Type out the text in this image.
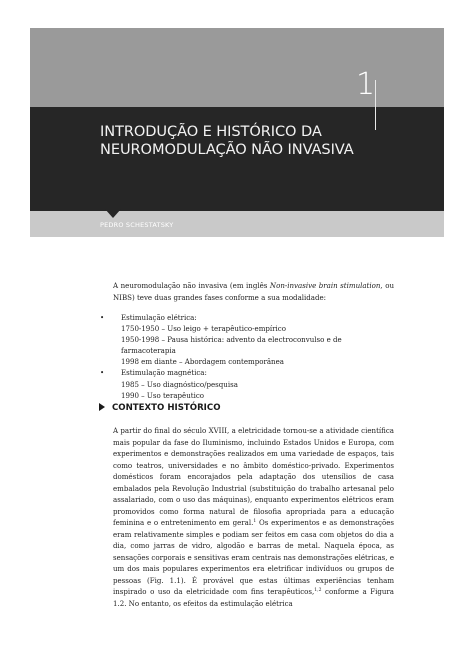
1
INTRODUÇÃO E HISTÓRICO DA NEUROMODULAÇÃO NÃO INVASIVA
PEDRO SCHESTATSKY

A neuromodulação não invasiva (em inglês Non-invasive brain stimulation, ou NIBS) teve duas grandes fases conforme a sua modalidade:

• Estimulação elétrica:
1750-1950 – Uso leigo + terapêutico-empírico
1950-1998 – Pausa histórica: advento da electroconvulso e de farmacoterapia
1998 em diante – Abordagem contemporânea
• Estimulação magnética:
1985 – Uso diagnóstico/pesquisa
1990 – Uso terapêutico
CONTEXTO HISTÓRICO

A partir do final do século XVIII, a eletricidade tornou-se a atividade científica mais popular da fase do Iluminismo, incluindo Estados Unidos e Europa, com experimentos e demonstrações realizados em uma variedade de espaços, tais como teatros, universidades e no âmbito doméstico-privado. Experimentos domésticos foram encorajados pela adaptação dos utensílios de casa embalados pela Revolução Industrial (substituição do trabalho artesanal pelo assalariado, com o uso das máquinas), enquanto experimentos elétricos eram promovidos como forma natural de filosofia apropriada para a educação feminina e o entretenimento em geral.$^1$ Os experimentos e as demonstrações eram relativamente simples e podiam ser feitos em casa com objetos do dia a dia, como jarras de vidro, algodão e barras de metal. Naquela época, as sensações corporais e sensitivas eram centrais nas demonstrações elétricas, e um dos mais populares experimentos era eletrificar indivíduos ou grupos de pessoas (Fig. 1.1). É provável que estas últimas experiências tenham inspirado o uso da eletricidade com fins terapêuticos,$^{1,2}$ conforme a Figura 1.2. No entanto, os efeitos da estimulação elétrica
